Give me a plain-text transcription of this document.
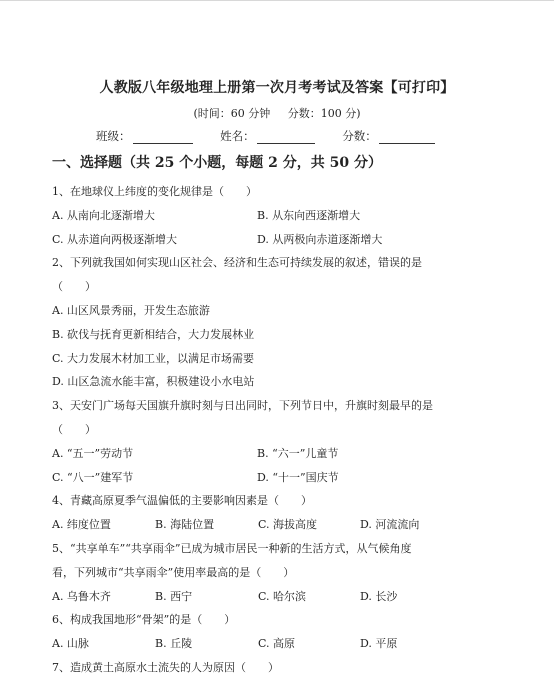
人教版八年级地理上册第一次月考考试及答案【可打印】
(时间：60 分钟 分数：100 分)
班级：	姓名：	分数：
一、选择题（共 25 个小题，每题 2 分，共 50 分）
1、在地球仪上纬度的变化规律是（　　）
A. 从南向北逐渐增大	B. 从东向西逐渐增大
C. 从赤道向两极逐渐增大	D. 从两极向赤道逐渐增大
2、下列就我国如何实现山区社会、经济和生态可持续发展的叙述，错误的是
（　　）
A. 山区风景秀丽，开发生态旅游
B. 砍伐与抚育更新相结合，大力发展林业
C. 大力发展木材加工业，以满足市场需要
D. 山区急流水能丰富，积极建设小水电站
3、天安门广场每天国旗升旗时刻与日出同时，下列节日中，升旗时刻最早的是
（　　）
A. “五一”劳动节	B. “六一”儿童节
C. “八一”建军节	D. “十一”国庆节
4、青藏高原夏季气温偏低的主要影响因素是（　　）
A. 纬度位置	B. 海陆位置	C. 海拔高度	D. 河流流向
5、“共享单车”“共享雨伞”已成为城市居民一种新的生活方式，从气候角度
看，下列城市“共享雨伞”使用率最高的是（　　）
A. 乌鲁木齐	B. 西宁	C. 哈尔滨	D. 长沙
6、构成我国地形“骨架”的是（　　）
A. 山脉	B. 丘陵	C. 高原	D. 平原
7、造成黄土高原水土流失的人为原因（　　）
